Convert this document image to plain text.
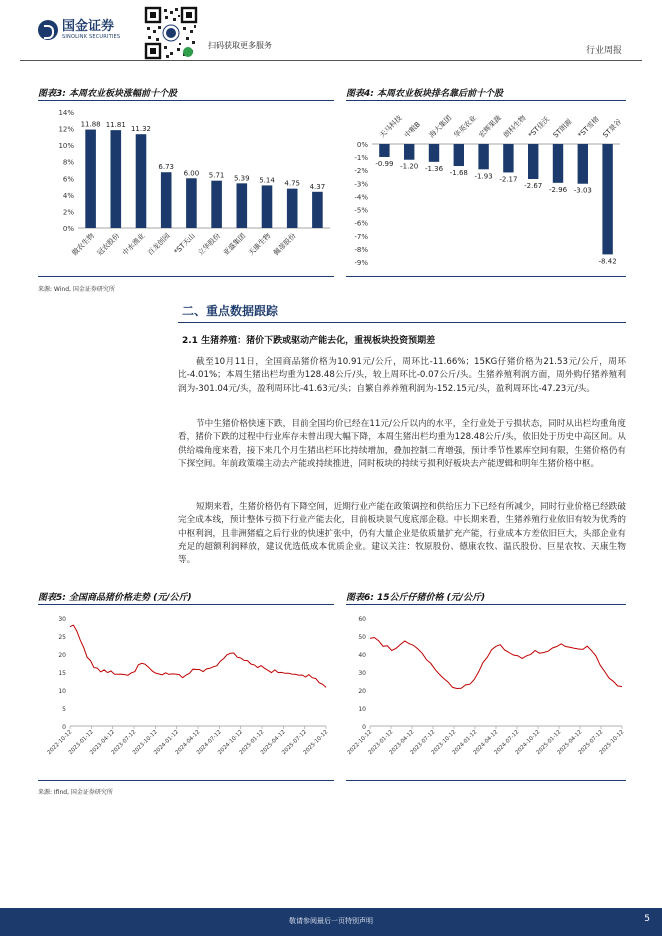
国金证券
SINOLINK SECURITIES
扫码获取更多服务
行业周报
图表3: 本周农业板块涨幅前十个股
0%
2%
4%
6%
8%
10%
12%
14%
11.88 11.81
11.32
6.73
6.00 5.71 5.39 5.14 4.75 4.37
傲农生物 冠农股份 中水渔业 百龙创园 *ST天山 立华股份 亚盛集团 天康生物 佩蒂股份
图表4: 本周农业板块排名靠后前十个股
0%
-1%
-2%
-3%
-4%
-5%
-6%
-7%
-8%
-9%
-0.99
天马科技
-1.20
中粮B
-1.36
海大集团
-1.68
华英农业
-1.93
宏辉果蔬
-2.17
朗科生物
-2.67
*ST佳沃
-2.96
ST朗源
-3.03
*ST雪榕
-8.42
ST景谷
来源: Wind, 国金证券研究所
二、重点数据跟踪
2.1 生猪养殖：猪价下跌或驱动产能去化，重视板块投资预期差

截至10月11日，全国商品猪价格为10.91元/公斤，周环比-11.66%；15KG仔猪价格为21.53元/公斤，周环比-4.01%；本周生猪出栏均重为128.48公斤/头，较上周环比-0.07公斤/头。生猪养殖利润方面，周外购仔猪养殖利润为-301.04元/头，盈利周环比-41.63元/头；自繁自养养殖利润为-152.15元/头，盈利周环比-47.23元/头。

节中生猪价格快速下跌，目前全国均价已经在11元/公斤以内的水平，全行业处于亏损状态，同时从出栏均重角度看，猪价下跌的过程中行业库存未曾出现大幅下降，本周生猪出栏均重为128.48公斤/头，依旧处于历史中高区间。从供给端角度来看，接下来几个月生猪出栏环比持续增加，叠加控制二育增强，预计季节性累库空间有限，生猪价格仍有下探空间。年前政策端主动去产能或持续推进，同时板块的持续亏损利好板块去产能逻辑和明年生猪价格中枢。

短期来看，生猪价格仍有下降空间，近期行业产能在政策调控和供给压力下已经有所减少，同时行业价格已经跌破完全成本线，预计整体亏损下行业产能去化，目前板块景气度底部企稳。中长期来看，生猪养殖行业依旧有较为优秀的中枢利润，且非洲猪瘟之后行业的快速扩张中，仍有大量企业是依质量扩充产能，行业成本方差依旧巨大，头部企业有充足的超额利润释放，建议优选低成本优质企业。建议关注：牧原股份、德康农牧、温氏股份、巨星农牧、天康生物等。

图表5: 全国商品猪价格走势 (元/公斤)
0
5
10
15
20
25
30
2022-10-12
2023-01-12
2023-04-12
2023-07-12
2023-10-12
2024-01-12
2024-04-12
2024-07-12
2024-10-12
2025-01-12
2025-04-12
2025-07-12
2025-10-12
图表6: 15公斤仔猪价格 (元/公斤)
0
10
20
30
40
50
60
2022-10-12
2023-01-12
2023-04-12
2023-07-12
2023-10-12
2024-01-12
2024-04-12
2024-07-12
2024-10-12
2025-01-12
2025-04-12
2025-07-12
2025-10-12
来源: Ifind, 国金证券研究所
敬请参阅最后一页特别声明	5
